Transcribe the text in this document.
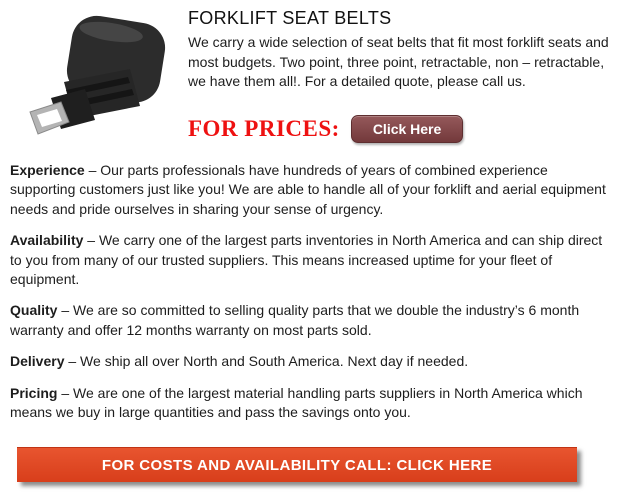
FORKLIFT SEAT BELTS

We carry a wide selection of seat belts that fit most forklift seats and most budgets. Two point, three point, retractable, non – retractable, we have them all!. For a detailed quote, please call us.

FOR PRICES:	Click Here

Experience – Our parts professionals have hundreds of years of combined experience supporting customers just like you! We are able to handle all of your forklift and aerial equipment needs and pride ourselves in sharing your sense of urgency.

Availability – We carry one of the largest parts inventories in North America and can ship direct to you from many of our trusted suppliers. This means increased uptime for your fleet of equipment.

Quality – We are so committed to selling quality parts that we double the industry’s 6 month warranty and offer 12 months warranty on most parts sold.

Delivery – We ship all over North and South America. Next day if needed.

Pricing – We are one of the largest material handling parts suppliers in North America which means we buy in large quantities and pass the savings onto you.

FOR COSTS AND AVAILABILITY CALL: CLICK HERE
